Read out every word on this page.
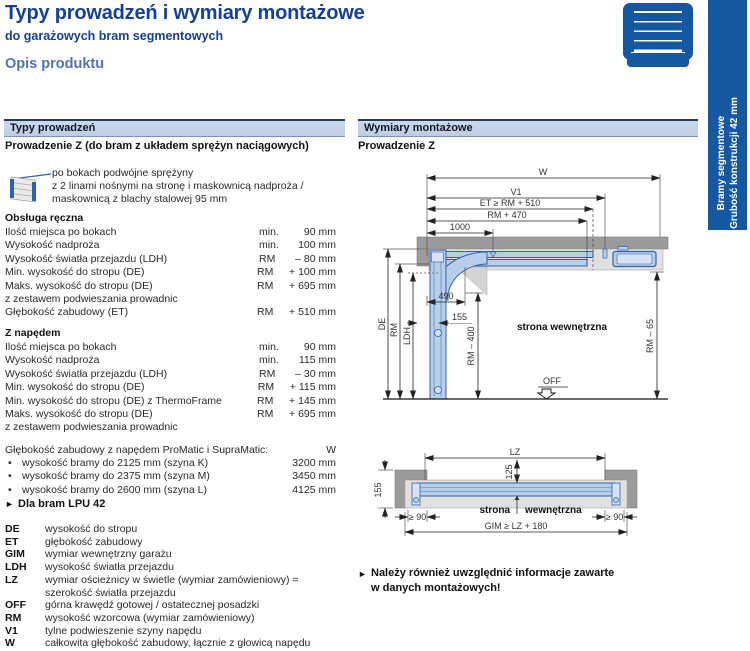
Typy prowadzeń i wymiary montażowe
do garażowych bram segmentowych
Opis produktu
Bramy segmentowe Grubość konstrukcji 42 mm
Typy prowadzeń	Wymiary montażowe
Prowadzenie Z (do bram z układem sprężyn naciągowych)
po bokach podwójne sprężyny
z 2 linami nośnymi na stronę i maskownicą nadproża /
maskownicą z blachy stalowej 95 mm
Obsługa ręczna
Ilość miejsca po bokach	min.	90 mm
Wysokość nadproża	min.	100 mm
Wysokość światła przejazdu (LDH)	RM	– 80 mm
Min. wysokość do stropu (DE)	RM	+ 100 mm
Maks. wysokość do stropu (DE)	RM	+ 695 mm
z zestawem podwieszania prowadnic
Głębokość zabudowy (ET)	RM	+ 510 mm
Z napędem
Ilość miejsca po bokach	min.	90 mm
Wysokość nadproża	min.	115 mm
Wysokość światła przejazdu (LDH)	RM	– 30 mm
Min. wysokość do stropu (DE)	RM	+ 115 mm
Min. wysokość do stropu (DE) z ThermoFrame	RM	+ 145 mm
Maks. wysokość do stropu (DE)	RM	+ 695 mm
z zestawem podwieszania prowadnic
Głębokość zabudowy z napędem ProMatic i SupraMatic:	W
• wysokość bramy do 2125 mm (szyna K)	3200 mm
• wysokość bramy do 2375 mm (szyna M)	3450 mm
• wysokość bramy do 2600 mm (szyna L)	4125 mm
► Dla bram LPU 42
DE	wysokość do stropu
ET	głębokość zabudowy
GIM	wymiar wewnętrzny garażu
LDH	wysokość światła przejazdu
LZ	wymiar ościeżnicy w świetle (wymiar zamówieniowy) = szerokość światła przejazdu
OFF	górna krawędź gotowej / ostatecznej posadzki
RM	wysokość wzorcowa (wymiar zamówieniowy)
V1	tylne podwieszenie szyny napędu
W	całkowita głębokość zabudowy, łącznie z głowicą napędu
Prowadzenie Z
W
V1
ET ≥ RM + 510
RM + 470
1000
DE RM LDH
490
155
RM – 400	RM – 65
strona wewnętrzna
OFF
LZ
125
155
≥ 90	≥ 90
GIM ≥ LZ + 180
strona wewnętrzna
► Należy również uwzględnić informacje zawarte
w danych montażowych!
